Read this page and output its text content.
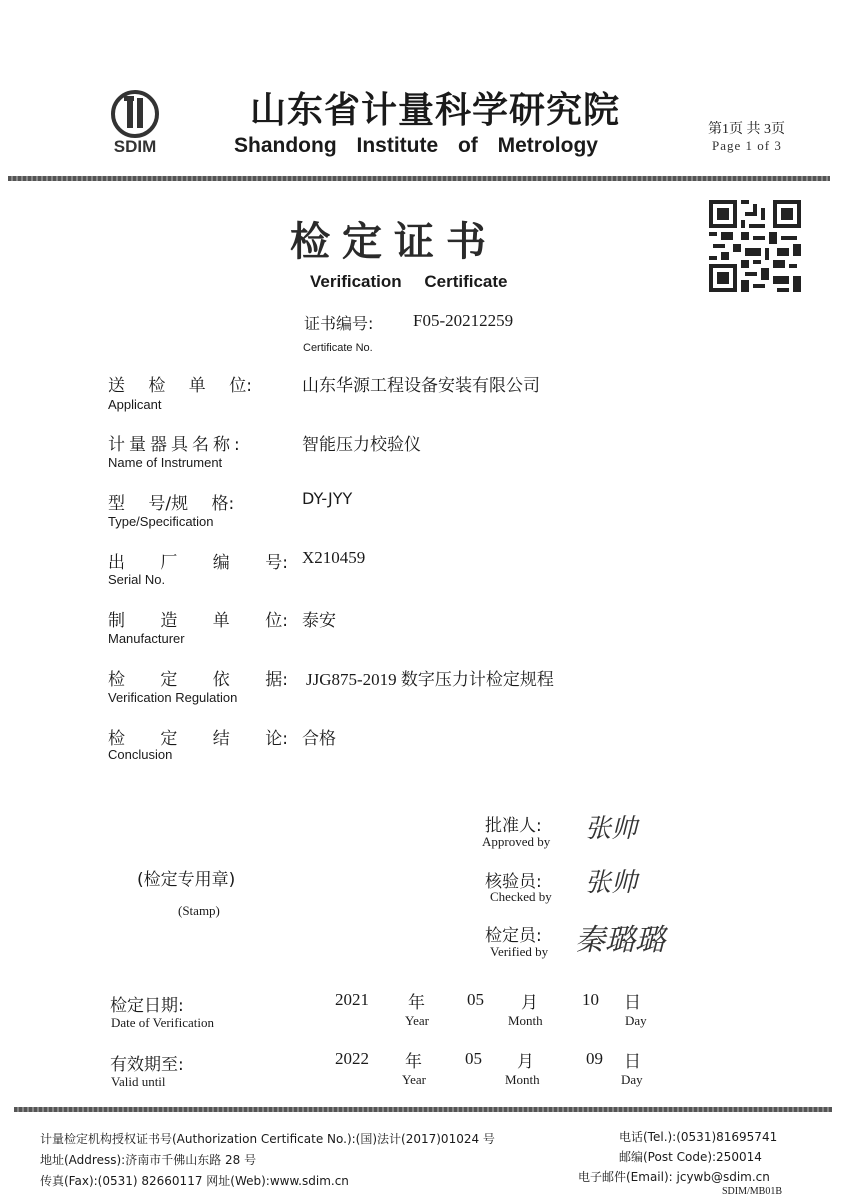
SDIM
山东省计量科学研究院
Shandong Institute of Metrology
第1页 共 3页
Page 1 of 3
检定证书
Verification Certificate
证书编号: F05-20212259
Certificate No.
送 检 单 位:
Applicant
山东华源工程设备安装有限公司
计量器具名称:
Name of Instrument
智能压力校验仪
型 号/规 格:
Type/Specification
DY-JYY
出 厂 编 号:
Serial No.
X210459
制 造 单 位:
Manufacturer
泰安
检 定 依 据:
Verification Regulation
JJG875-2019 数字压力计检定规程
检 定 结 论:
Conclusion
合格
(检定专用章)
(Stamp)
批准人:
Approved by 张帅
核验员:
Checked by 张帅
检定员:
Verified by 秦璐璐
检定日期:
Date of Verification
2021 年
Year
05 月
Month
10 日
Day
有效期至:
Valid until
2022 年
Year
05 月
Month
09 日
Day
计量检定机构授权证书号(Authorization Certificate No.):(国)法计(2017)01024 号
地址(Address):济南市千佛山东路 28 号
传真(Fax):(0531) 82660117 网址(Web):www.sdim.cn
电话(Tel.):(0531)81695741
邮编(Post Code):250014
电子邮件(Email): jcywb@sdim.cn
SDIM/MB01B
